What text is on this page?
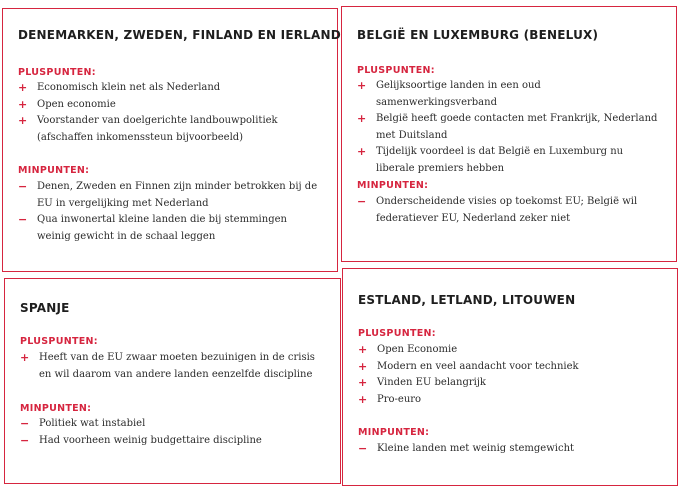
DENEMARKEN, ZWEDEN, FINLAND EN IERLAND
PLUSPUNTEN:
+ Economisch klein net als Nederland
+ Open economie
+ Voorstander van doelgerichte landbouwpolitiek (afschaffen inkomenssteun bijvoorbeeld)
MINPUNTEN:
− Denen, Zweden en Finnen zijn minder betrokken bij de EU in vergelijking met Nederland
− Qua inwonertal kleine landen die bij stemmingen weinig gewicht in de schaal leggen
BELGIË EN LUXEMBURG (BENELUX)
PLUSPUNTEN:
+ Gelijksoortige landen in een oud samenwerkingsverband
+ België heeft goede contacten met Frankrijk, Nederland met Duitsland
+ Tijdelijk voordeel is dat België en Luxemburg nu liberale premiers hebben
MINPUNTEN:
− Onderscheidende visies op toekomst EU; België wil federatiever EU, Nederland zeker niet
SPANJE
PLUSPUNTEN:
+ Heeft van de EU zwaar moeten bezuinigen in de crisis en wil daarom van andere landen eenzelfde discipline
MINPUNTEN:
− Politiek wat instabiel
− Had voorheen weinig budgettaire discipline
ESTLAND, LETLAND, LITOUWEN
PLUSPUNTEN:
+ Open Economie
+ Modern en veel aandacht voor techniek
+ Vinden EU belangrijk
+ Pro-euro
MINPUNTEN:
− Kleine landen met weinig stemgewicht
